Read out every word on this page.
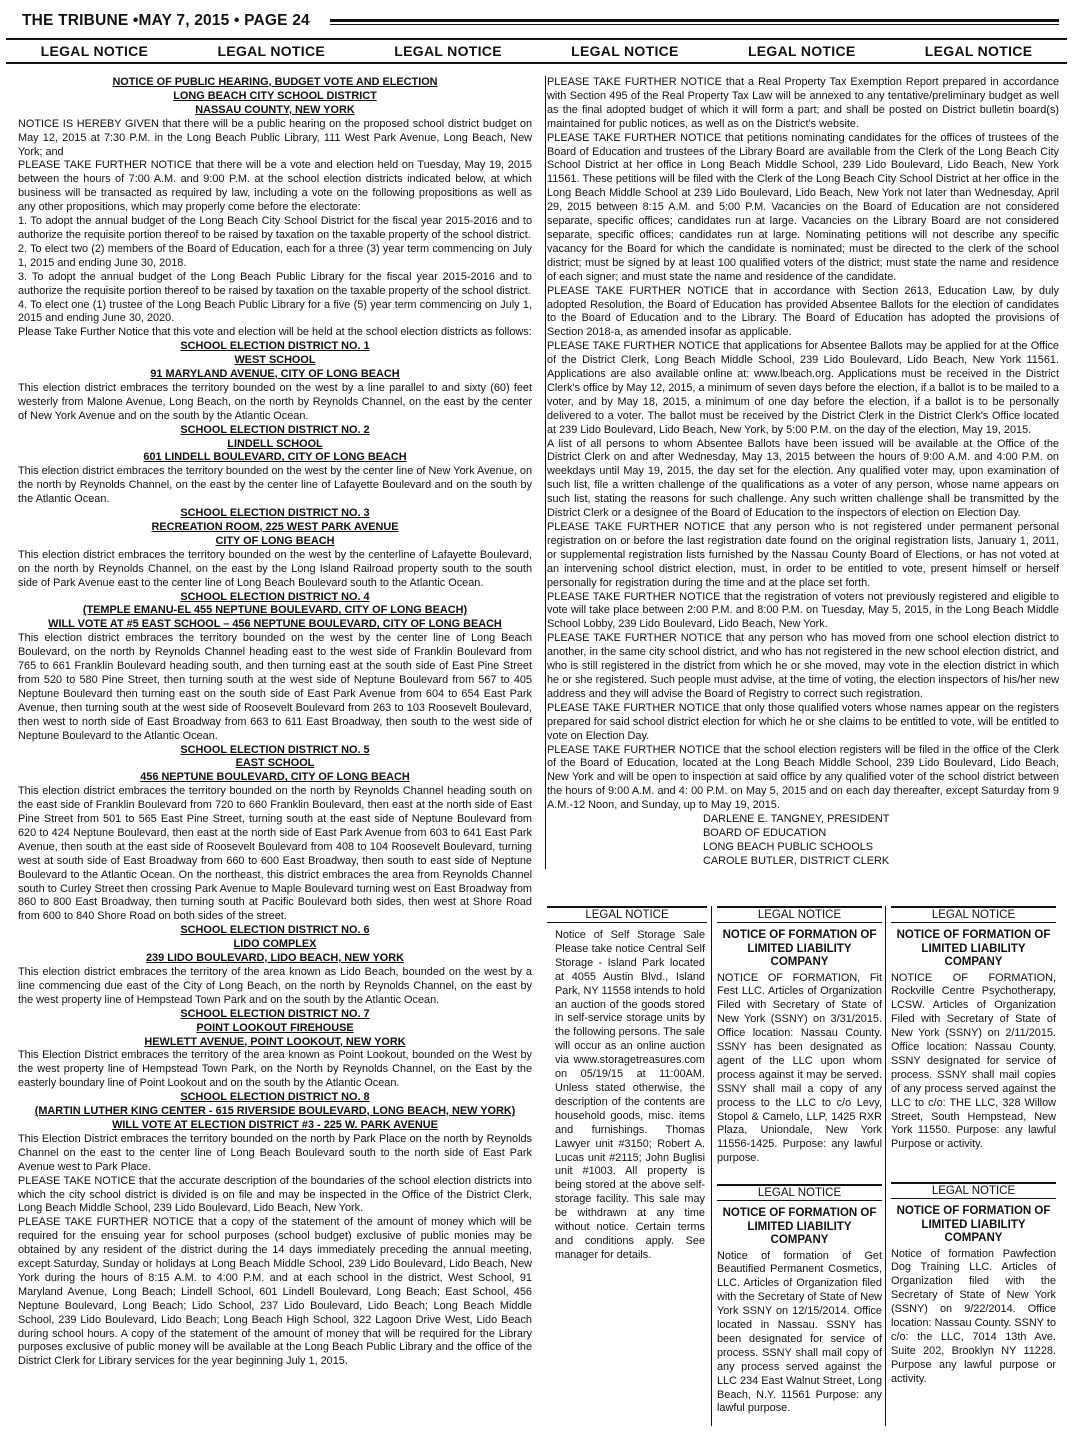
THE TRIBUNE •MAY 7, 2015 • PAGE 24
LEGAL NOTICE	LEGAL NOTICE	LEGAL NOTICE	LEGAL NOTICE	LEGAL NOTICE	LEGAL NOTICE

NOTICE OF PUBLIC HEARING, BUDGET VOTE AND ELECTION

LONG BEACH CITY SCHOOL DISTRICT

NASSAU COUNTY, NEW YORK

NOTICE IS HEREBY GIVEN that there will be a public hearing on the proposed school district budget on May 12, 2015 at 7:30 P.M. in the Long Beach Public Library, 111 West Park Avenue, Long Beach, New York; and

PLEASE TAKE FURTHER NOTICE that there will be a vote and election held on Tuesday, May 19, 2015 between the hours of 7:00 A.M. and 9:00 P.M. at the school election districts indicated below, at which business will be transacted as required by law, including a vote on the following propositions as well as any other propositions, which may properly come before the electorate:

1. To adopt the annual budget of the Long Beach City School District for the fiscal year 2015-2016 and to authorize the requisite portion thereof to be raised by taxation on the taxable property of the school district.

2. To elect two (2) members of the Board of Education, each for a three (3) year term commencing on July 1, 2015 and ending June 30, 2018.

3. To adopt the annual budget of the Long Beach Public Library for the fiscal year 2015-2016 and to authorize the requisite portion thereof to be raised by taxation on the taxable property of the school district.

4. To elect one (1) trustee of the Long Beach Public Library for a five (5) year term commencing on July 1, 2015 and ending June 30, 2020.

Please Take Further Notice that this vote and election will be held at the school election districts as follows:

SCHOOL ELECTION DISTRICT NO. 1

WEST SCHOOL

91 MARYLAND AVENUE, CITY OF LONG BEACH

This election district embraces the territory bounded on the west by a line parallel to and sixty (60) feet westerly from Malone Avenue, Long Beach, on the north by Reynolds Channel, on the east by the center of New York Avenue and on the south by the Atlantic Ocean.

SCHOOL ELECTION DISTRICT NO. 2

LINDELL SCHOOL

601 LINDELL BOULEVARD, CITY OF LONG BEACH

This election district embraces the territory bounded on the west by the center line of New York Avenue, on the north by Reynolds Channel, on the east by the center line of Lafayette Boulevard and on the south by the Atlantic Ocean.

SCHOOL ELECTION DISTRICT NO. 3

RECREATION ROOM, 225 WEST PARK AVENUE

CITY OF LONG BEACH

This election district embraces the territory bounded on the west by the centerline of Lafayette Boulevard, on the north by Reynolds Channel, on the east by the Long Island Railroad property south to the south side of Park Avenue east to the center line of Long Beach Boulevard south to the Atlantic Ocean.

SCHOOL ELECTION DISTRICT NO. 4

(TEMPLE EMANU-EL 455 NEPTUNE BOULEVARD, CITY OF LONG BEACH)

WILL VOTE AT #5 EAST SCHOOL – 456 NEPTUNE BOULEVARD, CITY OF LONG BEACH

This election district embraces the territory bounded on the west by the center line of Long Beach Boulevard, on the north by Reynolds Channel heading east to the west side of Franklin Boulevard from 765 to 661 Franklin Boulevard heading south, and then turning east at the south side of East Pine Street from 520 to 580 Pine Street, then turning south at the west side of Neptune Boulevard from 567 to 405 Neptune Boulevard then turning east on the south side of East Park Avenue from 604 to 654 East Park Avenue, then turning south at the west side of Roosevelt Boulevard from 263 to 103 Roosevelt Boulevard, then west to north side of East Broadway from 663 to 611 East Broadway, then south to the west side of Neptune Boulevard to the Atlantic Ocean.

SCHOOL ELECTION DISTRICT NO. 5

EAST SCHOOL

456 NEPTUNE BOULEVARD, CITY OF LONG BEACH

This election district embraces the territory bounded on the north by Reynolds Channel heading south on the east side of Franklin Boulevard from 720 to 660 Franklin Boulevard, then east at the north side of East Pine Street from 501 to 565 East Pine Street, turning south at the east side of Neptune Boulevard from 620 to 424 Neptune Boulevard, then east at the north side of East Park Avenue from 603 to 641 East Park Avenue, then south at the east side of Roosevelt Boulevard from 408 to 104 Roosevelt Boulevard, turning west at south side of East Broadway from 660 to 600 East Broadway, then south to east side of Neptune Boulevard to the Atlantic Ocean. On the northeast, this district embraces the area from Reynolds Channel south to Curley Street then crossing Park Avenue to Maple Boulevard turning west on East Broadway from 860 to 800 East Broadway, then turning south at Pacific Boulevard both sides, then west at Shore Road from 600 to 840 Shore Road on both sides of the street.

SCHOOL ELECTION DISTRICT NO. 6

LIDO COMPLEX

239 LIDO BOULEVARD, LIDO BEACH, NEW YORK

This election district embraces the territory of the area known as Lido Beach, bounded on the west by a line commencing due east of the City of Long Beach, on the north by Reynolds Channel, on the east by the west property line of Hempstead Town Park and on the south by the Atlantic Ocean.

SCHOOL ELECTION DISTRICT NO. 7

POINT LOOKOUT FIREHOUSE

HEWLETT AVENUE, POINT LOOKOUT, NEW YORK

This Election District embraces the territory of the area known as Point Lookout, bounded on the West by the west property line of Hempstead Town Park, on the North by Reynolds Channel, on the East by the easterly boundary line of Point Lookout and on the south by the Atlantic Ocean.

SCHOOL ELECTION DISTRICT NO. 8

(MARTIN LUTHER KING CENTER - 615 RIVERSIDE BOULEVARD, LONG BEACH, NEW YORK)

WILL VOTE AT ELECTION DISTRICT #3 - 225 W. PARK AVENUE

This Election District embraces the territory bounded on the north by Park Place on the north by Reynolds Channel on the east to the center line of Long Beach Boulevard south to the north side of East Park Avenue west to Park Place.

PLEASE TAKE NOTICE that the accurate description of the boundaries of the school election districts into which the city school district is divided is on file and may be inspected in the Office of the District Clerk, Long Beach Middle School, 239 Lido Boulevard, Lido Beach, New York.

PLEASE TAKE FURTHER NOTICE that a copy of the statement of the amount of money which will be required for the ensuing year for school purposes (school budget) exclusive of public monies may be obtained by any resident of the district during the 14 days immediately preceding the annual meeting, except Saturday, Sunday or holidays at Long Beach Middle School, 239 Lido Boulevard, Lido Beach, New York during the hours of 8:15 A.M. to 4:00 P.M. and at each school in the district, West School, 91 Maryland Avenue, Long Beach; Lindell School, 601 Lindell Boulevard, Long Beach; East School, 456 Neptune Boulevard, Long Beach; Lido School, 237 Lido Boulevard, Lido Beach; Long Beach Middle School, 239 Lido Boulevard, Lido Beach; Long Beach High School, 322 Lagoon Drive West, Lido Beach during school hours. A copy of the statement of the amount of money that will be required for the Library purposes exclusive of public money will be available at the Long Beach Public Library and the office of the District Clerk for Library services for the year beginning July 1, 2015.

PLEASE TAKE FURTHER NOTICE that a Real Property Tax Exemption Report prepared in accordance with Section 495 of the Real Property Tax Law will be annexed to any tentative/preliminary budget as well as the final adopted budget of which it will form a part; and shall be posted on District bulletin board(s) maintained for public notices, as well as on the District's website.

PLEASE TAKE FURTHER NOTICE that petitions nominating candidates for the offices of trustees of the Board of Education and trustees of the Library Board are available from the Clerk of the Long Beach City School District at her office in Long Beach Middle School, 239 Lido Boulevard, Lido Beach, New York 11561. These petitions will be filed with the Clerk of the Long Beach City School District at her office in the Long Beach Middle School at 239 Lido Boulevard, Lido Beach, New York not later than Wednesday, April 29, 2015 between 8:15 A.M. and 5:00 P.M. Vacancies on the Board of Education are not considered separate, specific offices; candidates run at large. Vacancies on the Library Board are not considered separate, specific offices; candidates run at large. Nominating petitions will not describe any specific vacancy for the Board for which the candidate is nominated; must be directed to the clerk of the school district; must be signed by at least 100 qualified voters of the district; must state the name and residence of each signer; and must state the name and residence of the candidate.

PLEASE TAKE FURTHER NOTICE that in accordance with Section 2613, Education Law, by duly adopted Resolution, the Board of Education has provided Absentee Ballots for the election of candidates to the Board of Education and to the Library. The Board of Education has adopted the provisions of Section 2018-a, as amended insofar as applicable.

PLEASE TAKE FURTHER NOTICE that applications for Absentee Ballots may be applied for at the Office of the District Clerk, Long Beach Middle School, 239 Lido Boulevard, Lido Beach, New York 11561. Applications are also available online at: www.lbeach.org. Applications must be received in the District Clerk's office by May 12, 2015, a minimum of seven days before the election, if a ballot is to be mailed to a voter, and by May 18, 2015, a minimum of one day before the election, if a ballot is to be personally delivered to a voter. The ballot must be received by the District Clerk in the District Clerk's Office located at 239 Lido Boulevard, Lido Beach, New York, by 5:00 P.M. on the day of the election, May 19, 2015.

A list of all persons to whom Absentee Ballots have been issued will be available at the Office of the District Clerk on and after Wednesday, May 13, 2015 between the hours of 9:00 A.M. and 4:00 P.M. on weekdays until May 19, 2015, the day set for the election. Any qualified voter may, upon examination of such list, file a written challenge of the qualifications as a voter of any person, whose name appears on such list, stating the reasons for such challenge. Any such written challenge shall be transmitted by the District Clerk or a designee of the Board of Education to the inspectors of election on Election Day.

PLEASE TAKE FURTHER NOTICE that any person who is not registered under permanent personal registration on or before the last registration date found on the original registration lists, January 1, 2011, or supplemental registration lists furnished by the Nassau County Board of Elections, or has not voted at an intervening school district election, must, in order to be entitled to vote, present himself or herself personally for registration during the time and at the place set forth.

PLEASE TAKE FURTHER NOTICE that the registration of voters not previously registered and eligible to vote will take place between 2:00 P.M. and 8:00 P.M. on Tuesday, May 5, 2015, in the Long Beach Middle School Lobby, 239 Lido Boulevard, Lido Beach, New York.

PLEASE TAKE FURTHER NOTICE that any person who has moved from one school election district to another, in the same city school district, and who has not registered in the new school election district, and who is still registered in the district from which he or she moved, may vote in the election district in which he or she registered. Such people must advise, at the time of voting, the election inspectors of his/her new address and they will advise the Board of Registry to correct such registration.

PLEASE TAKE FURTHER NOTICE that only those qualified voters whose names appear on the registers prepared for said school district election for which he or she claims to be entitled to vote, will be entitled to vote on Election Day.

PLEASE TAKE FURTHER NOTICE that the school election registers will be filed in the office of the Clerk of the Board of Education, located at the Long Beach Middle School, 239 Lido Boulevard, Lido Beach, New York and will be open to inspection at said office by any qualified voter of the school district between the hours of 9:00 A.M. and 4: 00 P.M. on May 5, 2015 and on each day thereafter, except Saturday from 9 A.M.-12 Noon, and Sunday, up to May 19, 2015.

DARLENE E. TANGNEY, PRESIDENT

BOARD OF EDUCATION

LONG BEACH PUBLIC SCHOOLS

CAROLE BUTLER, DISTRICT CLERK

LEGAL NOTICE

Notice of Self Storage Sale Please take notice Central Self Storage - Island Park located at 4055 Austin Blvd., Island Park, NY 11558 intends to hold an auction of the goods stored in self-service storage units by the following persons. The sale will occur as an online auction via www.storagetreasures.com on 05/19/15 at 11:00AM. Unless stated otherwise, the description of the contents are household goods, misc. items and furnishings. Thomas Lawyer unit #3150; Robert A. Lucas unit #2115; John Buglisi unit #1003. All property is being stored at the above self-storage facility. This sale may be withdrawn at any time without notice. Certain terms and conditions apply. See manager for details.

LEGAL NOTICE

NOTICE OF FORMATION OF LIMITED LIABILITY COMPANY

NOTICE OF FORMATION, Fit Fest LLC. Articles of Organization Filed with Secretary of State of New York (SSNY) on 3/31/2015. Office location: Nassau County. SSNY has been designated as agent of the LLC upon whom process against it may be served. SSNY shall mail a copy of any process to the LLC to c/o Levy, Stopol & Camelo, LLP, 1425 RXR Plaza, Uniondale, New York 11556-1425. Purpose: any lawful purpose.

LEGAL NOTICE

NOTICE OF FORMATION OF LIMITED LIABILITY COMPANY

Notice of formation of Get Beautified Permanent Cosmetics, LLC. Articles of Organization filed with the Secretary of State of New York SSNY on 12/15/2014. Office located in Nassau. SSNY has been designated for service of process. SSNY shall mail copy of any process served against the LLC 234 East Walnut Street, Long Beach, N.Y. 11561 Purpose: any lawful purpose.

LEGAL NOTICE

NOTICE OF FORMATION OF LIMITED LIABILITY COMPANY

NOTICE OF FORMATION, Rockville Centre Psychotherapy, LCSW. Articles of Organization Filed with Secretary of State of New York (SSNY) on 2/11/2015. Office location: Nassau County. SSNY designated for service of process. SSNY shall mail copies of any process served against the LLC to c/o: THE LLC, 328 Willow Street, South Hempstead, New York 11550. Purpose: any lawful Purpose or activity.

LEGAL NOTICE

NOTICE OF FORMATION OF LIMITED LIABILITY COMPANY

Notice of formation Pawfection Dog Training LLC. Articles of Organization filed with the Secretary of State of New York (SSNY) on 9/22/2014. Office location: Nassau County. SSNY to c/o: the LLC, 7014 13th Ave. Suite 202, Brooklyn NY 11228. Purpose any lawful purpose or activity.
